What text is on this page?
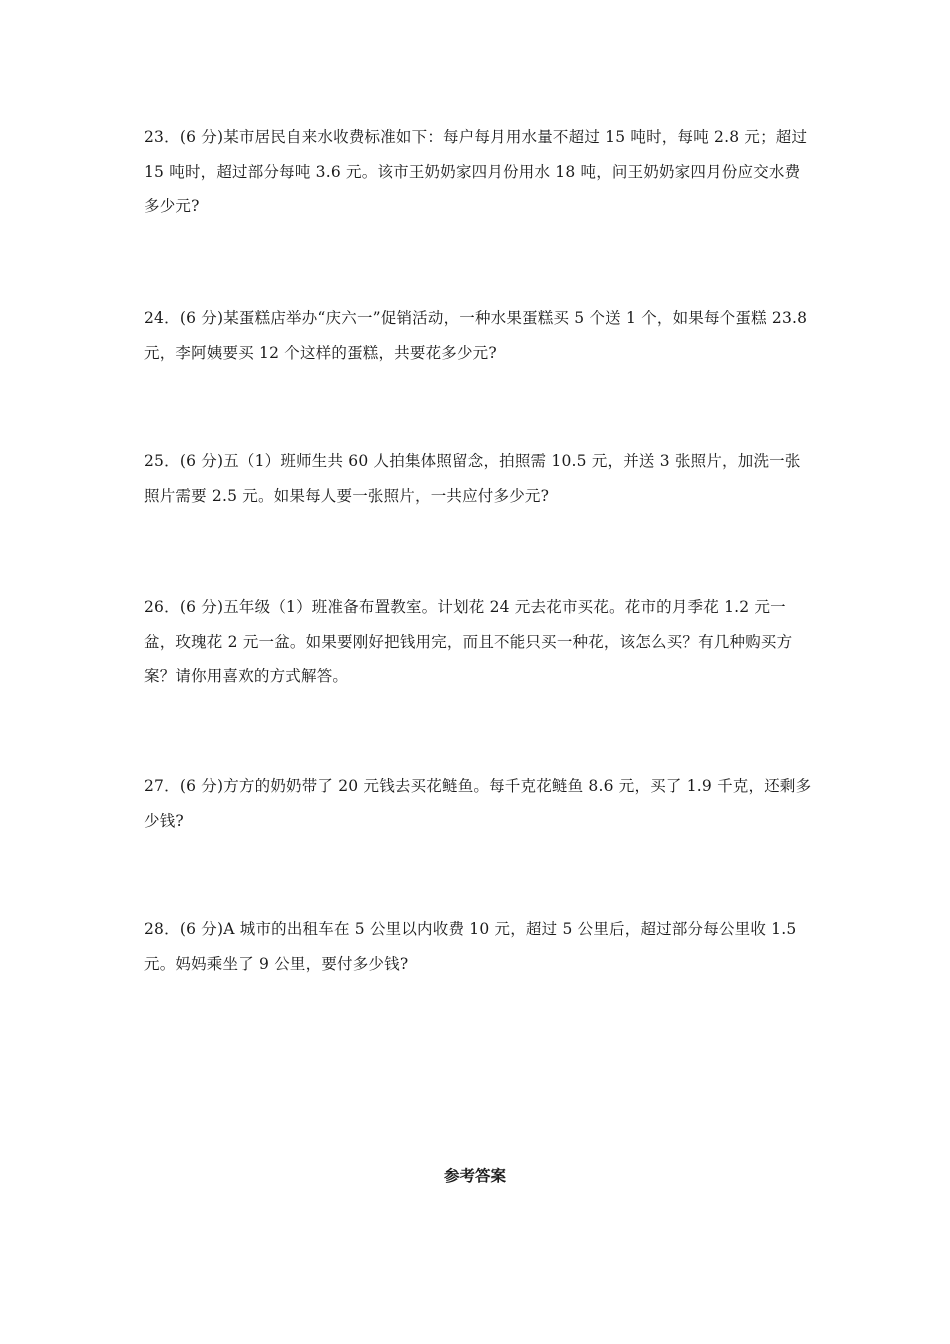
23．(6 分)某市居民自来水收费标准如下：每户每月用水量不超过 15 吨时，每吨 2.8 元；超过 15 吨时，超过部分每吨 3.6 元。该市王奶奶家四月份用水 18 吨，问王奶奶家四月份应交水费多少元?

24．(6 分)某蛋糕店举办“庆六一”促销活动，一种水果蛋糕买 5 个送 1 个，如果每个蛋糕 23.8 元，李阿姨要买 12 个这样的蛋糕，共要花多少元?

25．(6 分)五（1）班师生共 60 人拍集体照留念，拍照需 10.5 元，并送 3 张照片，加洗一张照片需要 2.5 元。如果每人要一张照片，一共应付多少元?

26．(6 分)五年级（1）班准备布置教室。计划花 24 元去花市买花。花市的月季花 1.2 元一盆，玫瑰花 2 元一盆。如果要刚好把钱用完，而且不能只买一种花，该怎么买？有几种购买方案？请你用喜欢的方式解答。

27．(6 分)方方的奶奶带了 20 元钱去买花鲢鱼。每千克花鲢鱼 8.6 元，买了 1.9 千克，还剩多少钱?

28．(6 分)A 城市的出租车在 5 公里以内收费 10 元，超过 5 公里后，超过部分每公里收 1.5 元。妈妈乘坐了 9 公里，要付多少钱?

参考答案
